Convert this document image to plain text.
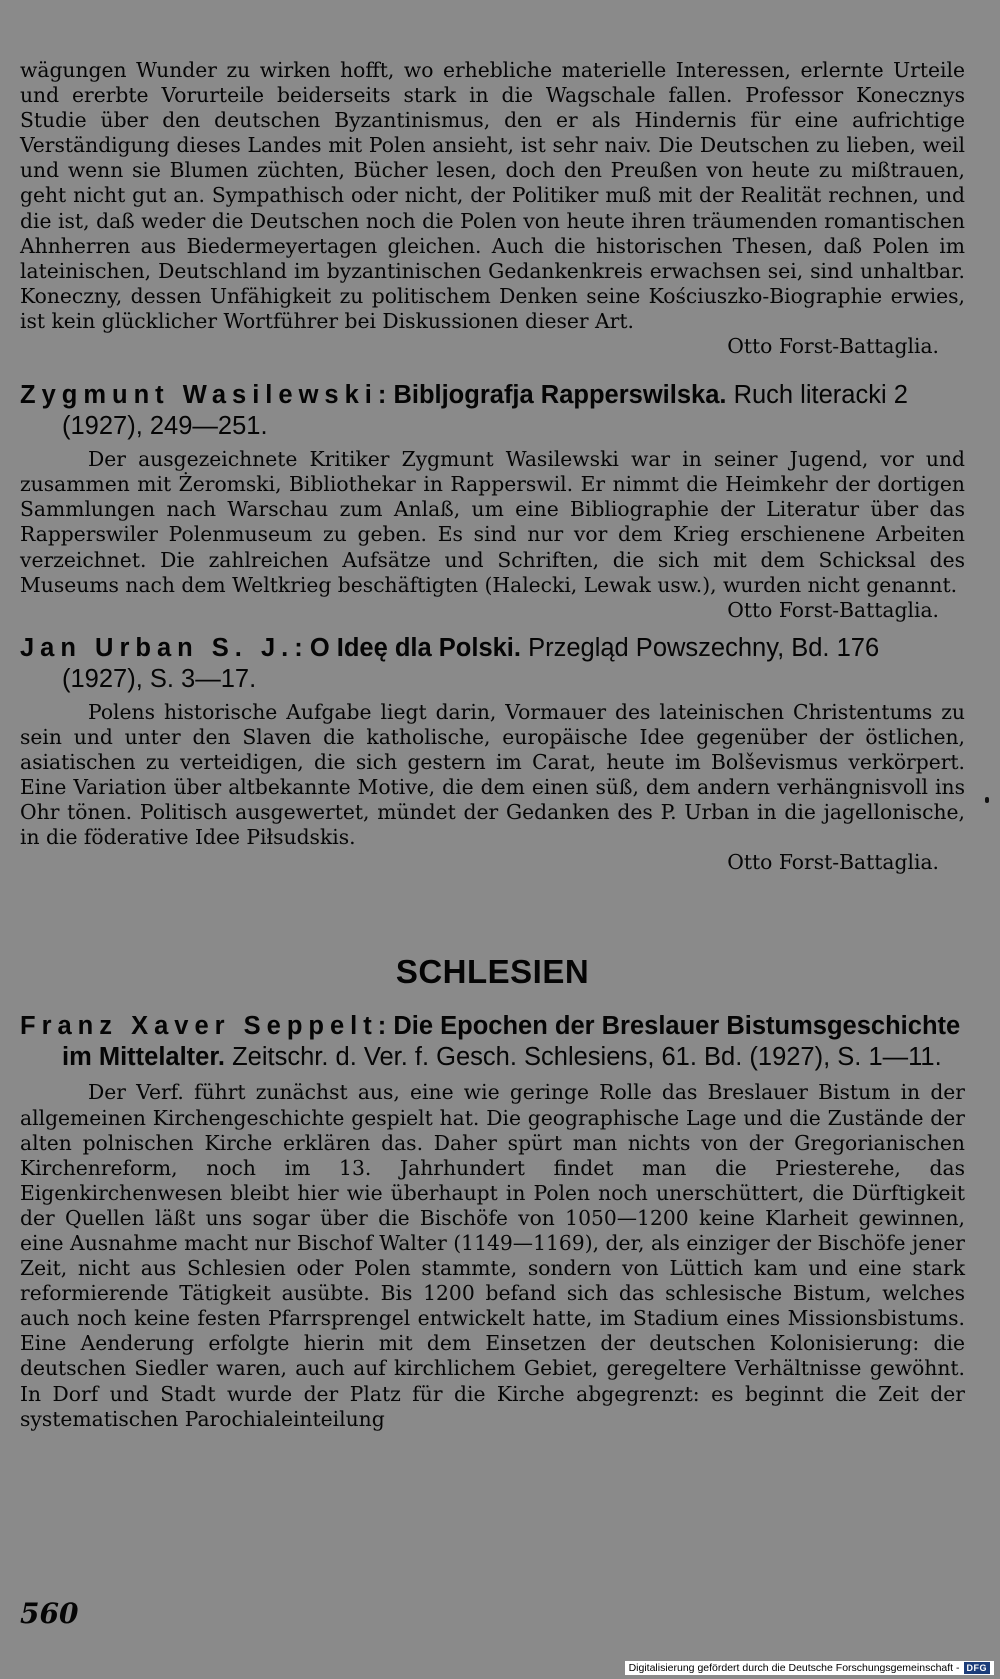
wägungen Wunder zu wirken hofft, wo erhebliche materielle Interessen, erlernte Urteile und ererbte Vorurteile beiderseits stark in die Wagschale fallen. Professor Konecznys Studie über den deutschen Byzantinismus, den er als Hindernis für eine aufrichtige Verständigung dieses Landes mit Polen ansieht, ist sehr naiv. Die Deutschen zu lieben, weil und wenn sie Blumen züchten, Bücher lesen, doch den Preußen von heute zu mißtrauen, geht nicht gut an. Sympathisch oder nicht, der Politiker muß mit der Realität rechnen, und die ist, daß weder die Deutschen noch die Polen von heute ihren träumenden romantischen Ahnherren aus Biedermeyertagen gleichen. Auch die historischen Thesen, daß Polen im lateinischen, Deutschland im byzantinischen Gedankenkreis erwachsen sei, sind unhaltbar. Koneczny, dessen Unfähigkeit zu politischem Denken seine Kościuszko-Biographie erwies, ist kein glücklicher Wortführer bei Diskussionen dieser Art.

Otto Forst-Battaglia.

Zygmunt Wasilewski: Bibljografja Rapperswilska. Ruch literacki 2 (1927), 249—251.

Der ausgezeichnete Kritiker Zygmunt Wasilewski war in seiner Jugend, vor und zusammen mit Żeromski, Bibliothekar in Rapperswil. Er nimmt die Heimkehr der dortigen Sammlungen nach Warschau zum Anlaß, um eine Bibliographie der Literatur über das Rapperswiler Polenmuseum zu geben. Es sind nur vor dem Krieg erschienene Arbeiten verzeichnet. Die zahlreichen Aufsätze und Schriften, die sich mit dem Schicksal des Museums nach dem Weltkrieg beschäftigten (Halecki, Lewak usw.), wurden nicht genannt.

Otto Forst-Battaglia.

Jan Urban S. J.: O Ideę dla Polski. Przegląd Powszechny, Bd. 176 (1927), S. 3—17.

Polens historische Aufgabe liegt darin, Vormauer des lateinischen Christentums zu sein und unter den Slaven die katholische, europäische Idee gegenüber der östlichen, asiatischen zu verteidigen, die sich gestern im Carat, heute im Bolševismus verkörpert. Eine Variation über altbekannte Motive, die dem einen süß, dem andern verhängnisvoll ins Ohr tönen. Politisch ausgewertet, mündet der Gedanken des P. Urban in die jagellonische, in die föderative Idee Piłsudskis.

Otto Forst-Battaglia.

SCHLESIEN

Franz Xaver Seppelt: Die Epochen der Breslauer Bistumsgeschichte im Mittelalter. Zeitschr. d. Ver. f. Gesch. Schlesiens, 61. Bd. (1927), S. 1—11.

Der Verf. führt zunächst aus, eine wie geringe Rolle das Breslauer Bistum in der allgemeinen Kirchengeschichte gespielt hat. Die geographische Lage und die Zustände der alten polnischen Kirche erklären das. Daher spürt man nichts von der Gregorianischen Kirchenreform, noch im 13. Jahrhundert findet man die Priesterehe, das Eigenkirchenwesen bleibt hier wie überhaupt in Polen noch unerschüttert, die Dürftigkeit der Quellen läßt uns sogar über die Bischöfe von 1050—1200 keine Klarheit gewinnen, eine Ausnahme macht nur Bischof Walter (1149—1169), der, als einziger der Bischöfe jener Zeit, nicht aus Schlesien oder Polen stammte, sondern von Lüttich kam und eine stark reformierende Tätigkeit ausübte. Bis 1200 befand sich das schlesische Bistum, welches auch noch keine festen Pfarrsprengel entwickelt hatte, im Stadium eines Missionsbistums. Eine Aenderung erfolgte hierin mit dem Einsetzen der deutschen Kolonisierung: die deutschen Siedler waren, auch auf kirchlichem Gebiet, geregeltere Verhältnisse gewöhnt. In Dorf und Stadt wurde der Platz für die Kirche abgegrenzt: es beginnt die Zeit der systematischen Parochialeinteilung

560
Digitalisierung gefördert durch die Deutsche Forschungsgemeinschaft - DFG
